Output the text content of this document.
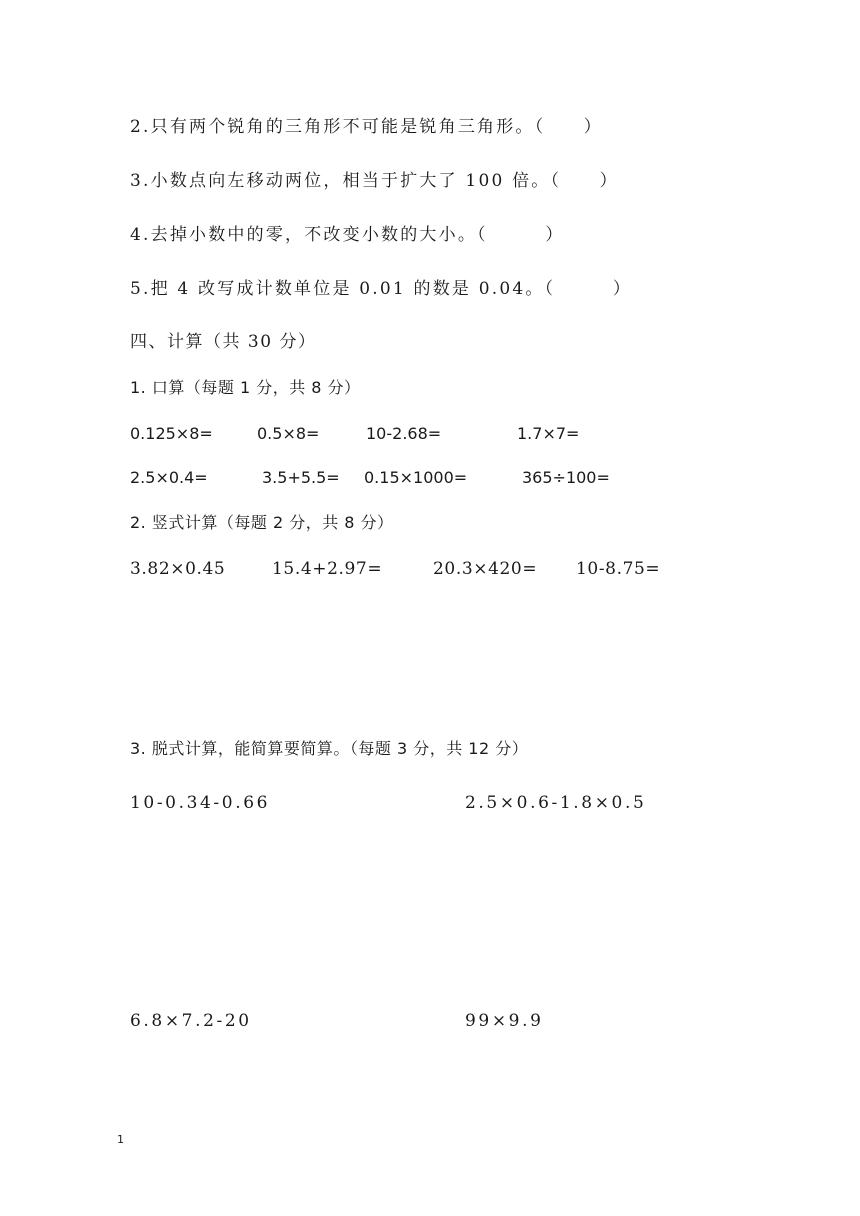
2.只有两个锐角的三角形不可能是锐角三角形。（　　）
3.小数点向左移动两位，相当于扩大了 100 倍。（　　）
4.去掉小数中的零，不改变小数的大小。（　　　）
5.把 4 改写成计数单位是 0.01 的数是 0.04。（　　　）
四、计算（共 30 分）
1. 口算（每题 1 分，共 8 分）
0.125×8=	0.5×8=	10-2.68=	1.7×7=
2.5×0.4=	3.5+5.5= 0.15×1000=	365÷100=
2. 竖式计算（每题 2 分，共 8 分）
3.82×0.45	15.4+2.97=	20.3×420= 10-8.75=
3. 脱式计算，能简算要简算。（每题 3 分，共 12 分）
10-0.34-0.66	2.5×0.6-1.8×0.5
6.8×7.2-20	99×9.9
1
